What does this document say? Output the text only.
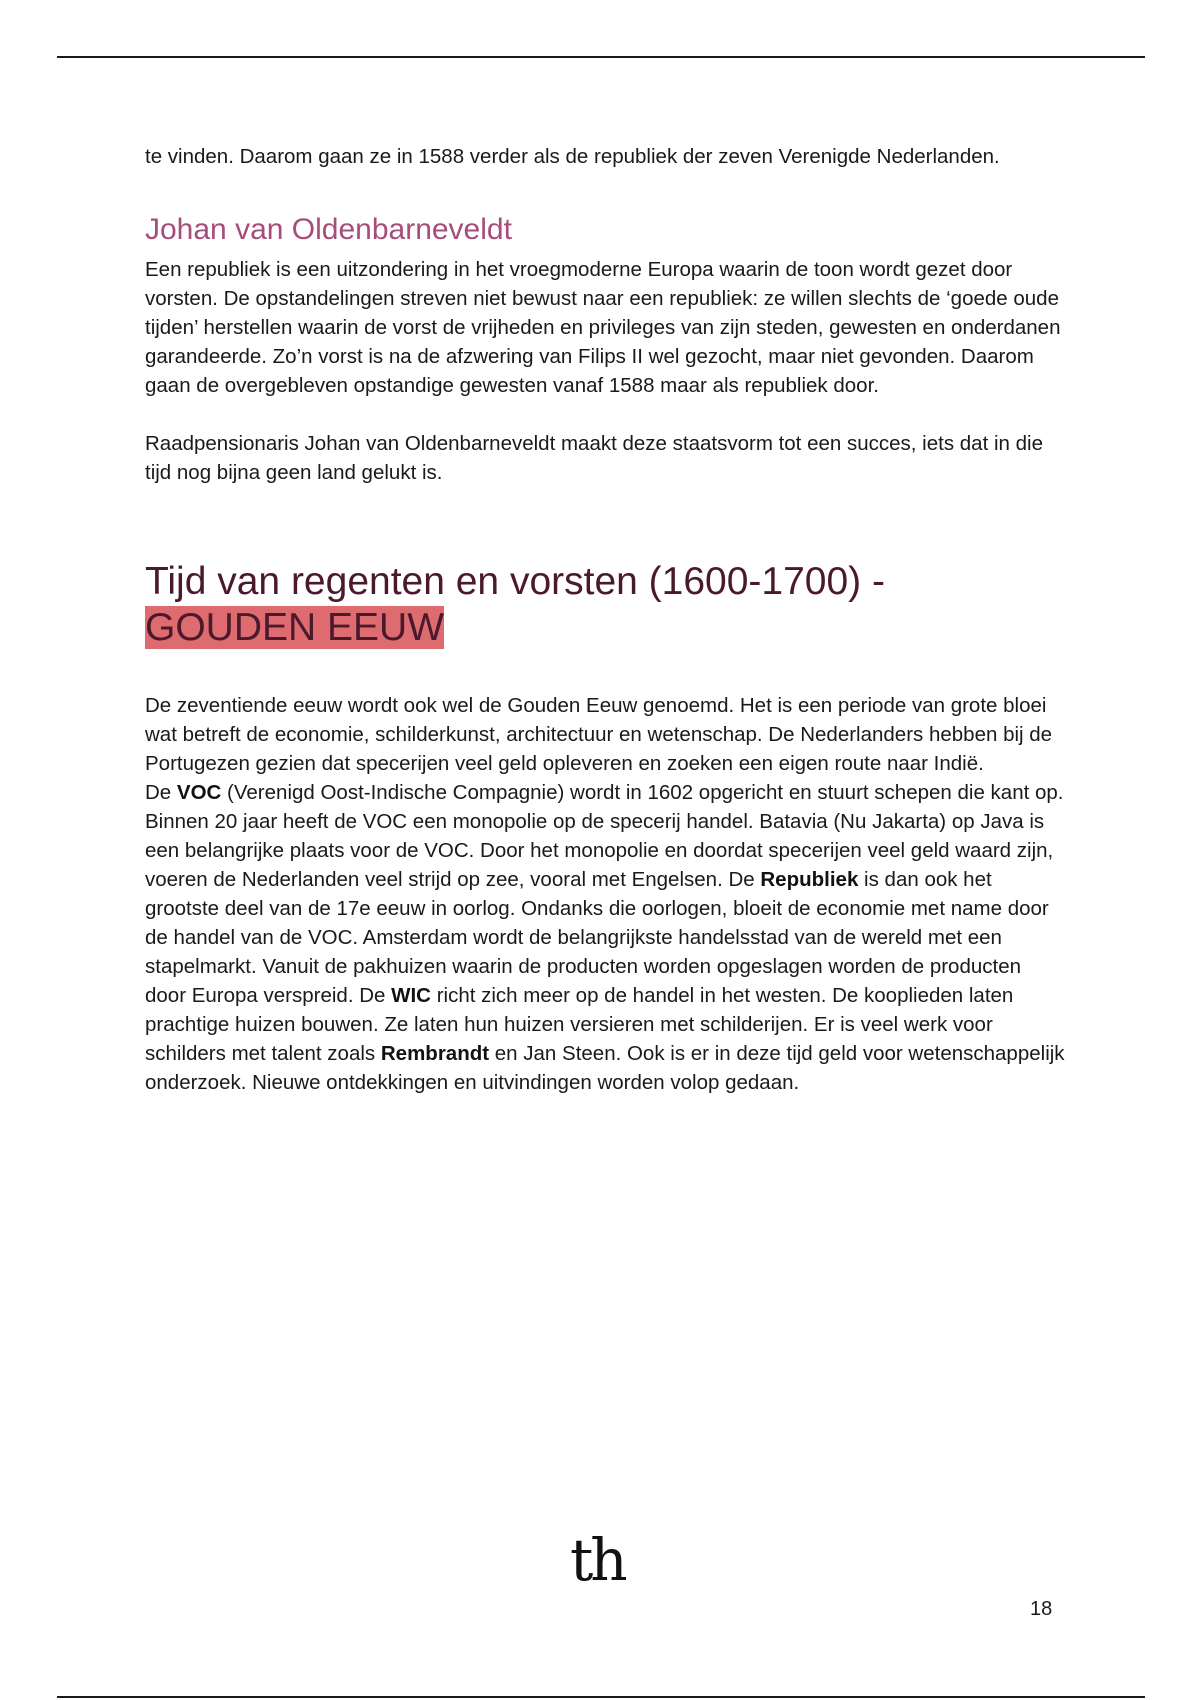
te vinden. Daarom gaan ze in 1588 verder als de republiek der zeven Verenigde Nederlanden.

Johan van Oldenbarneveldt

Een republiek is een uitzondering in het vroegmoderne Europa waarin de toon wordt gezet door vorsten. De opstandelingen streven niet bewust naar een republiek: ze willen slechts de ‘goede oude tijden’ herstellen waarin de vorst de vrijheden en privileges van zijn steden, gewesten en onderdanen garandeerde. Zo’n vorst is na de afzwering van Filips II wel gezocht, maar niet gevonden. Daarom gaan de overgebleven opstandige gewesten vanaf 1588 maar als republiek door.

Raadpensionaris Johan van Oldenbarneveldt maakt deze staatsvorm tot een succes, iets dat in die tijd nog bijna geen land gelukt is.

Tijd van regenten en vorsten (1600-1700) -
GOUDEN EEUW

De zeventiende eeuw wordt ook wel de Gouden Eeuw genoemd. Het is een periode van grote bloei wat betreft de economie, schilderkunst, architectuur en wetenschap. De Nederlanders hebben bij de Portugezen gezien dat specerijen veel geld opleveren en zoeken een eigen route naar Indië.

De VOC (Verenigd Oost-Indische Compagnie) wordt in 1602 opgericht en stuurt schepen die kant op. Binnen 20 jaar heeft de VOC een monopolie op de specerij handel. Batavia (Nu Jakarta) op Java is een belangrijke plaats voor de VOC. Door het monopolie en doordat specerijen veel geld waard zijn, voeren de Nederlanden veel strijd op zee, vooral met Engelsen. De Republiek is dan ook het grootste deel van de 17e eeuw in oorlog. Ondanks die oorlogen, bloeit de economie met name door de handel van de VOC. Amsterdam wordt de belangrijkste handelsstad van de wereld met een stapelmarkt. Vanuit de pakhuizen waarin de producten worden opgeslagen worden de producten door Europa verspreid. De WIC richt zich meer op de handel in het westen. De kooplieden laten prachtige huizen bouwen. Ze laten hun huizen versieren met schilderijen. Er is veel werk voor schilders met talent zoals Rembrandt en Jan Steen. Ook is er in deze tijd geld voor wetenschappelijk onderzoek. Nieuwe ontdekkingen en uitvindingen worden volop gedaan.

th
18
